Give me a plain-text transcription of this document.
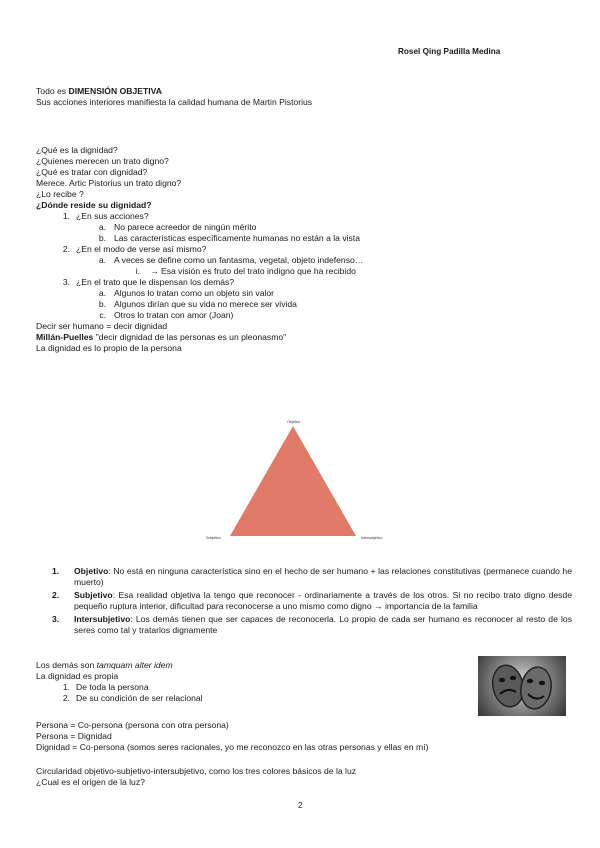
Rosel Qing Padilla Medina
Todo es DIMENSIÓN OBJETIVA
Sus acciones interiores manifiesta la calidad humana de Martin Pistorius
¿Qué es la dignidad?
¿Quienes merecen un trato digno?
¿Qué es tratar con dignidad?
Merece. Artic Pistorius un trato digno?
¿Lo recibe ?
¿Dónde reside su dignidad?
1. ¿En sus acciones?
a. No parece acreedor de ningún mérito
b. Las características específicamente humanas no están a la vista
2. ¿En el modo de verse así mismo?
a. A veces se define como un fantasma, vegetal, objeto indefenso…
i. → Esa visión es fruto del trato indigno que ha recibido
3. ¿En el trato que le dispensan los demás?
a. Algunos lo tratan como un objeto sin valor
b. Algunos dirían que su vida no merece ser vivida
c. Otros lo tratan con amor (Joan)
Decir ser humano = decir dignidad
Millán-Puelles "decir dignidad de las personas es un pleonasmo"
La dignidad es lo propio de la persona
Objetivo
Subjetivo	Intersubjetivo
1.	Objetivo: No está en ninguna característica sino en el hecho de ser humano + las relaciones constitutivas (permanece cuando he muerto)
2.	Subjetivo: Esa realidad objetiva la tengo que reconocer - ordinariamente a través de los otros. Si no recibo trato digno desde pequeño ruptura interior, dificultad para reconocerse a uno mismo como digno → importancia de la familia
3.	Intersubjetivo: Los demás tienen que ser capaces de reconocerla. Lo propio de cada ser humano es reconocer al resto de los seres como tal y tratarlos dignamente
Los demás son tamquam alter idem
La dignidad es propia
1. De toda la persona
2. De su condición de ser relacional
Persona = Co-persona (persona con otra persona)
Persona = Dignidad
Dignidad = Co-persona (somos seres racionales, yo me reconozco en las otras personas y ellas en mí)
Circularidad objetivo-subjetivo-intersubjetivo, como los tres colores básicos de la luz
¿Cual es el origen de la luz?
2
